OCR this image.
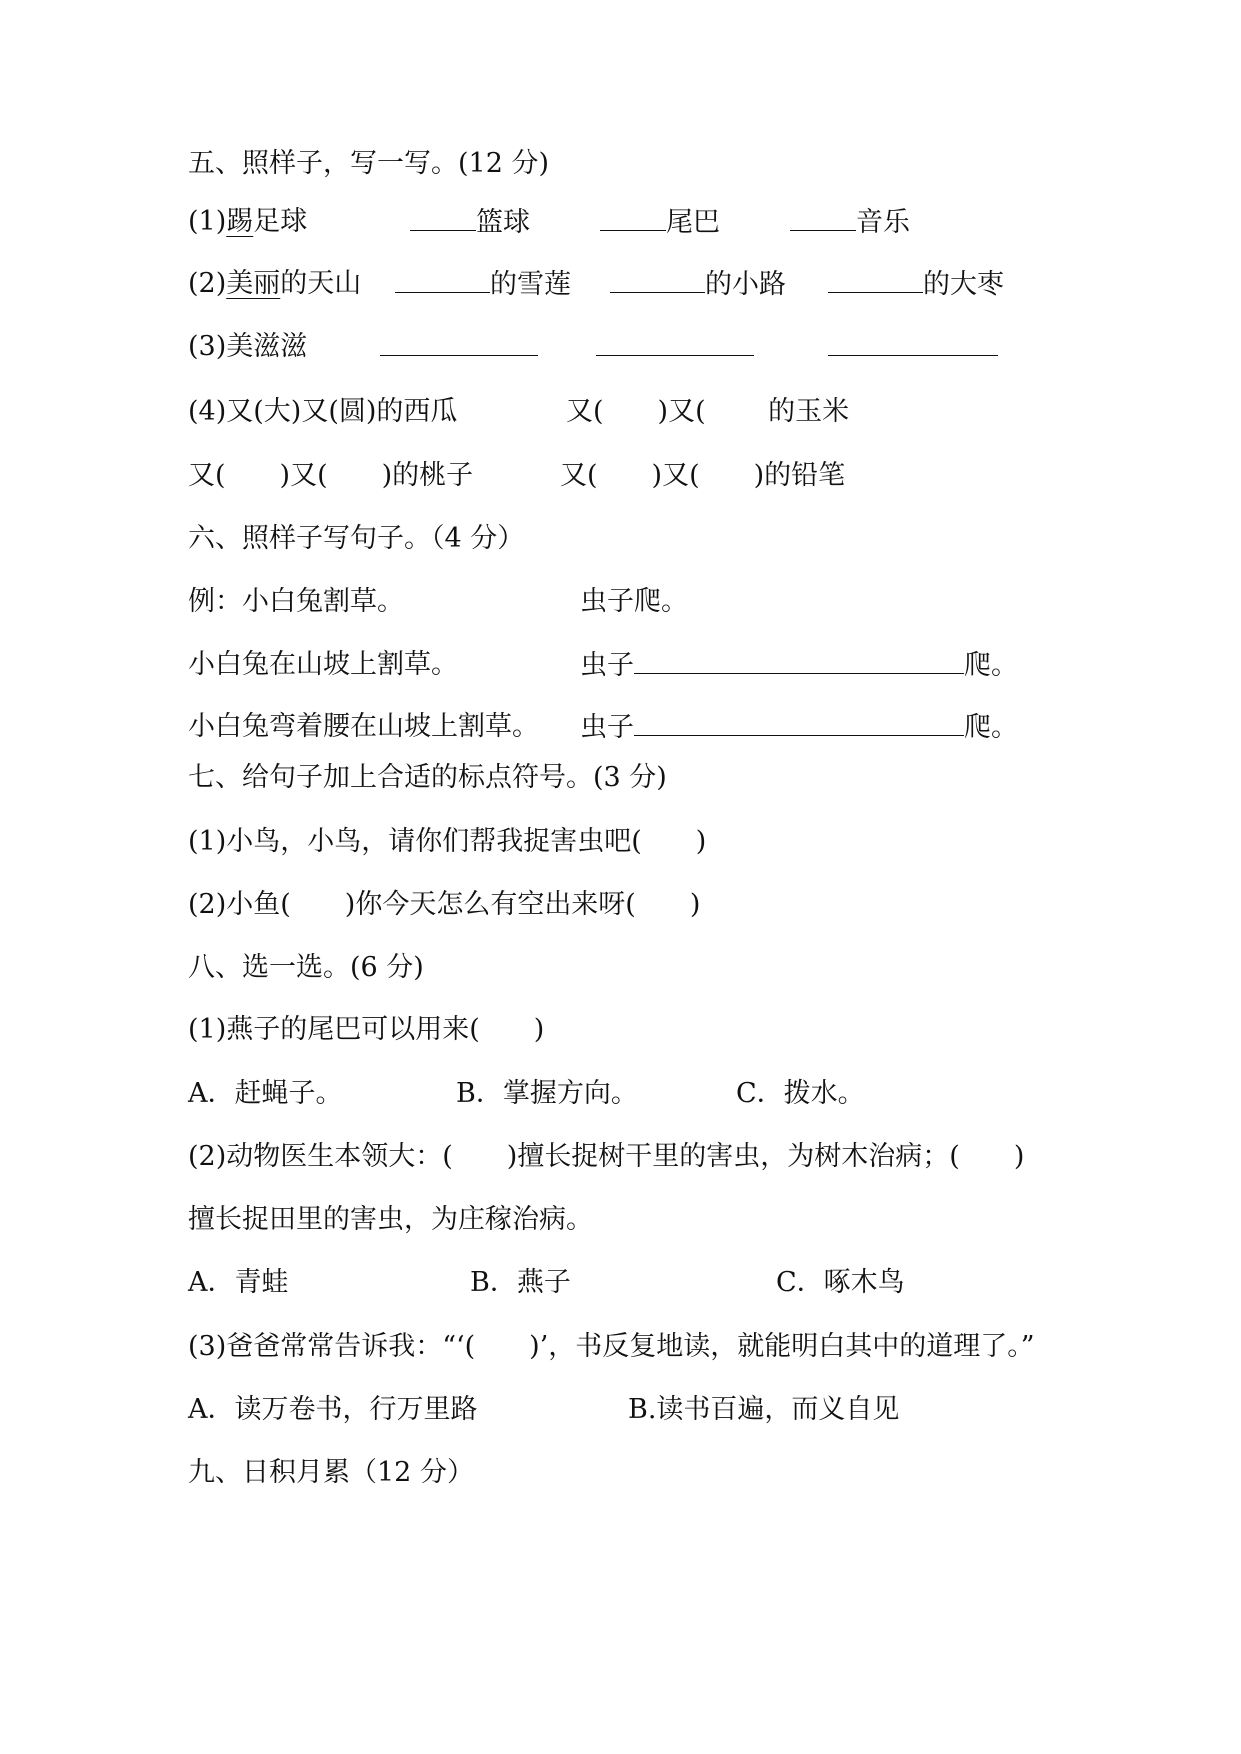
五、照样子，写一写。(12 分)
(1)踢足球	篮球	尾巴	音乐
(2)美丽的天山	的雪莲	的小路	的大枣
(3)美滋滋
(4)又(大)又(圆)的西瓜	又(　　)又(　　 的玉米
又(　　)又(　　)的桃子	又(　　)又(　　)的铅笔
六、照样子写句子。（4 分）
例：小白兔割草。	虫子爬。
小白兔在山坡上割草。	虫子	爬。
小白兔弯着腰在山坡上割草。 虫子	爬。
七、给句子加上合适的标点符号。(3 分)
(1)小鸟，小鸟，请你们帮我捉害虫吧(　　)
(2)小鱼(　　)你今天怎么有空出来呀(　　)
八、选一选。(6 分)
(1)燕子的尾巴可以用来(　　)
A．赶蝇子。	B．掌握方向。	C．拨水。
(2)动物医生本领大：(　　)擅长捉树干里的害虫，为树木治病；(　　)
擅长捉田里的害虫，为庄稼治病。
A．青蛙	B．燕子	C．啄木鸟
(3)爸爸常常告诉我：“‘(　　)’，书反复地读，就能明白其中的道理了。”
A．读万卷书，行万里路	B.读书百遍，而义自见
九、日积月累（12 分）
